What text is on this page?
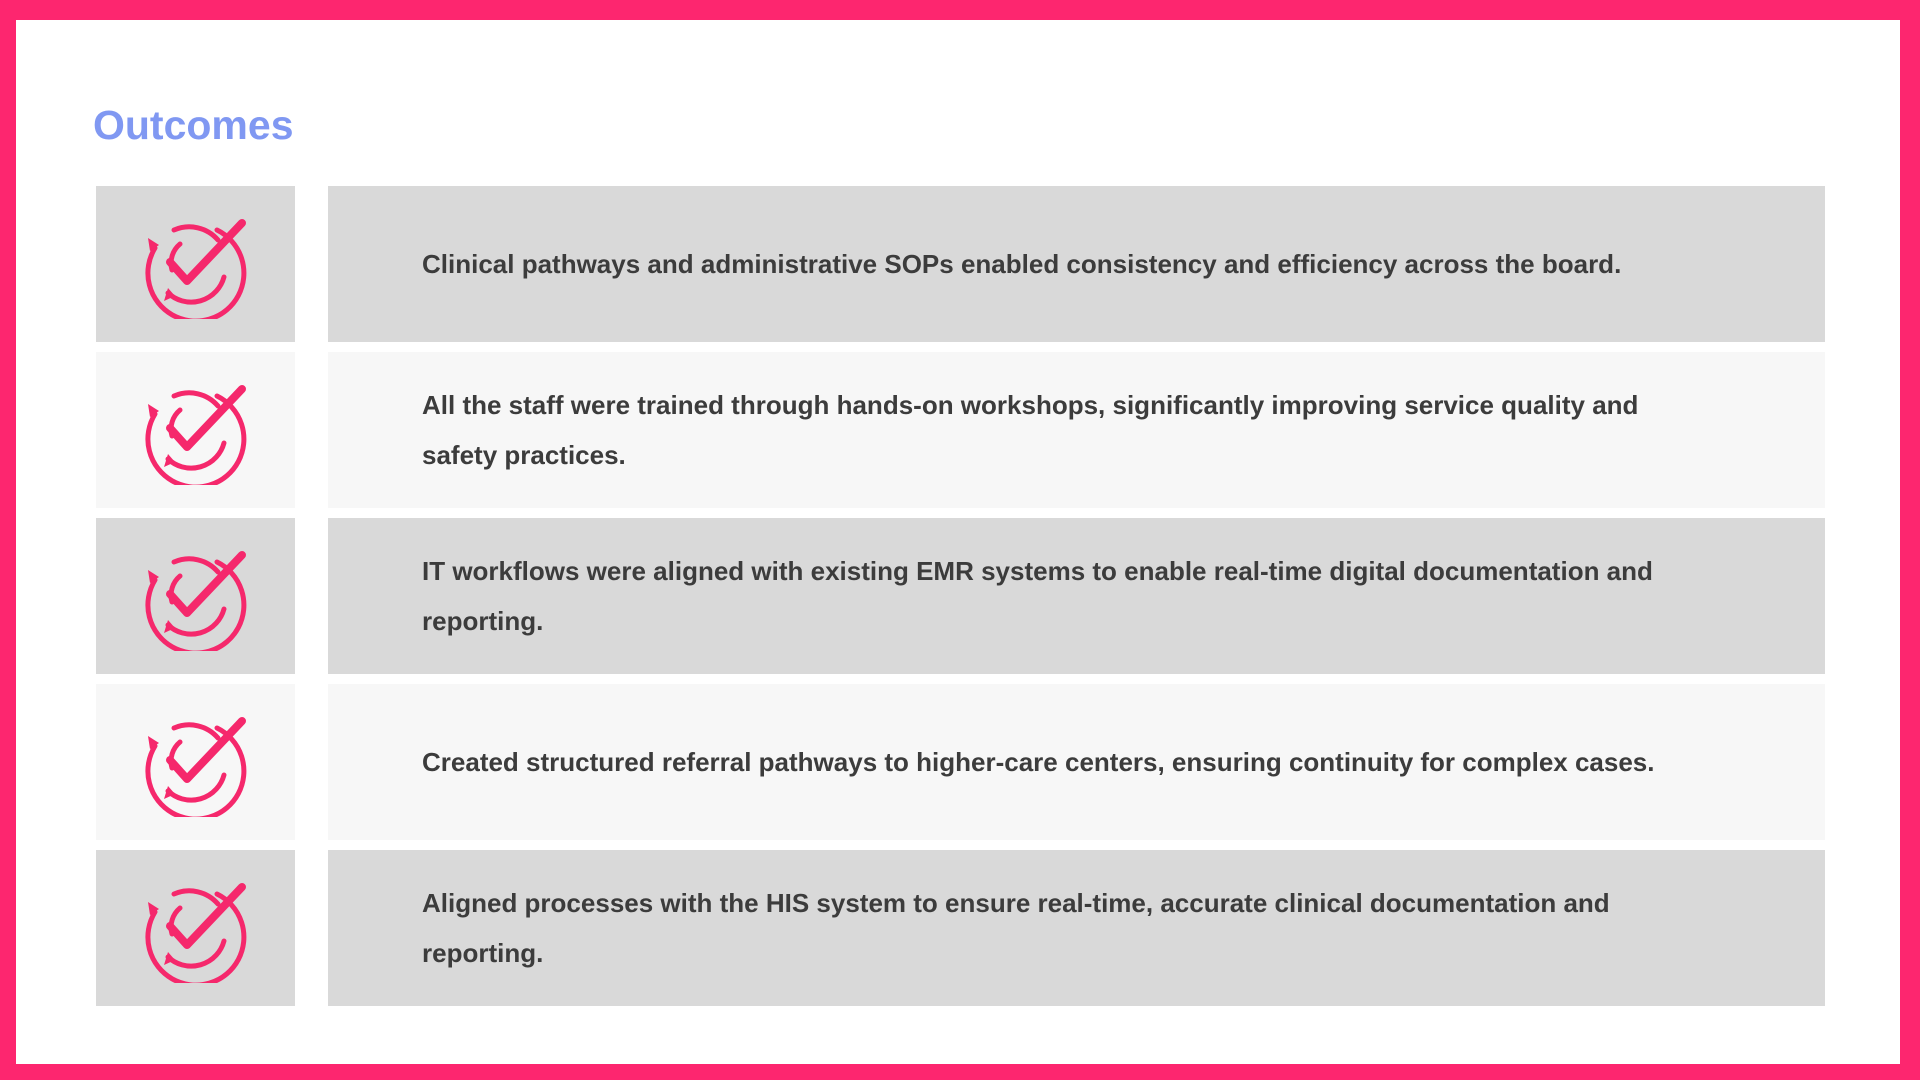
Outcomes
Clinical pathways and administrative SOPs enabled consistency and efficiency across the board.
All the staff were trained through hands-on workshops, significantly improving service quality and safety practices.
IT workflows were aligned with existing EMR systems to enable real-time digital documentation and reporting.
Created structured referral pathways to higher-care centers, ensuring continuity for complex cases.
Aligned processes with the HIS system to ensure real-time, accurate clinical documentation and reporting.
